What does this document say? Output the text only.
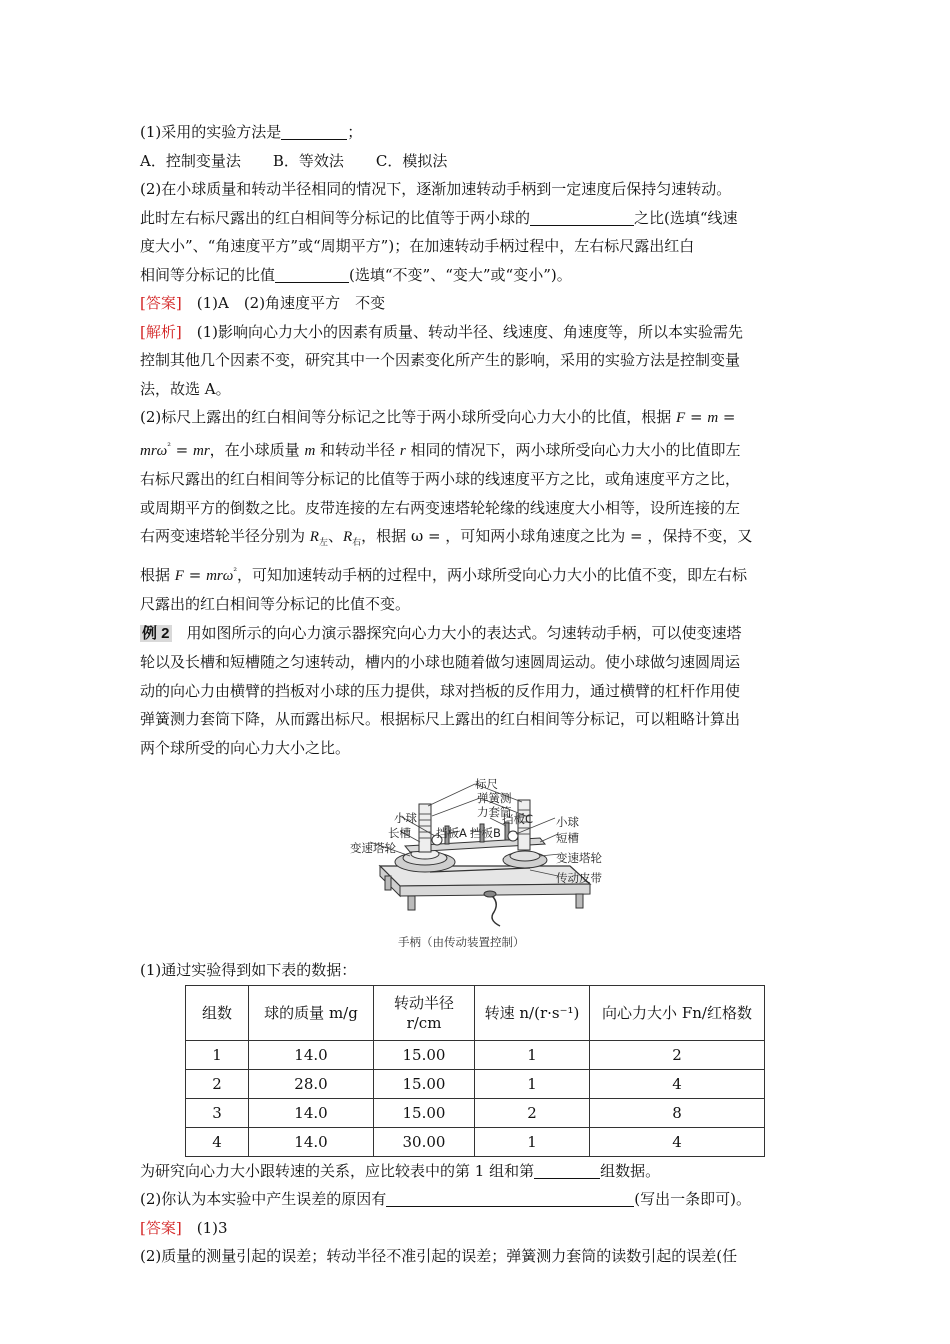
(1)采用的实验方法是	；
A．控制变量法 B．等效法 C．模拟法
(2)在小球质量和转动半径相同的情况下，逐渐加速转动手柄到一定速度后保持匀速转动。
此时左右标尺露出的红白相间等分标记的比值等于两小球的	之比(选填“线速
度大小”、“角速度平方”或“周期平方”)；在加速转动手柄过程中，左右标尺露出红白
相间等分标记的比值	(选填“不变”、“变大”或“变小”)。
[答案]　 (1)A　(2)角速度平方　不变
[解析]　 (1)影响向心力大小的因素有质量、转动半径、线速度、角速度等，所以本实验需先
控制其他几个因素不变，研究其中一个因素变化所产生的影响，采用的实验方法是控制变量
法，故选 A。
(2)标尺上露出的红白相间等分标记之比等于两小球所受向心力大小的比值，根据 F = m =
mrω$^{^2}$ = mr，在小球质量 m 和转动半径 r 相同的情况下，两小球所受向心力大小的比值即左
右标尺露出的红白相间等分标记的比值等于两小球的线速度平方之比，或角速度平方之比，
或周期平方的倒数之比。皮带连接的左右两变速塔轮轮缘的线速度大小相等，设所连接的左
右两变速塔轮半径分别为 $R_左$、$R_右$，根据 ω = ，可知两小球角速度之比为 = ，保持不变，又
根据 F = mrω$^{^2}$，可知加速转动手柄的过程中，两小球所受向心力大小的比值不变，即左右标
尺露出的红白相间等分标记的比值不变。
例 2　用如图所示的向心力演示器探究向心力大小的表达式。匀速转动手柄，可以使变速塔
轮以及长槽和短槽随之匀速转动，槽内的小球也随着做匀速圆周运动。使小球做匀速圆周运
动的向心力由横臂的挡板对小球的压力提供，球对挡板的反作用力，通过横臂的杠杆作用使
弹簧测力套筒下降，从而露出标尺。根据标尺上露出的红白相间等分标记，可以粗略计算出
两个球所受的向心力大小之比。
标尺
弹簧测
力套筒
小球
长槽 挡板A 挡板B
挡板C 小球
变速塔轮
短槽
变速塔轮
传动皮带
手柄（由传动装置控制）
(1)通过实验得到如下表的数据：
组数	球的质量 m/g	转动半径
r/cm	转速 n/(r·s⁻¹)	向心力大小 Fn/红格数
1	14.0	15.00	1	2
2	28.0	15.00	1	4
3	14.0	15.00	2	8
4	14.0	30.00	1	4
为研究向心力大小跟转速的关系，应比较表中的第 1 组和第	组数据。
(2)你认为本实验中产生误差的原因有	(写出一条即可)。
[答案]　 (1)3
(2)质量的测量引起的误差；转动半径不准引起的误差；弹簧测力套筒的读数引起的误差(任
